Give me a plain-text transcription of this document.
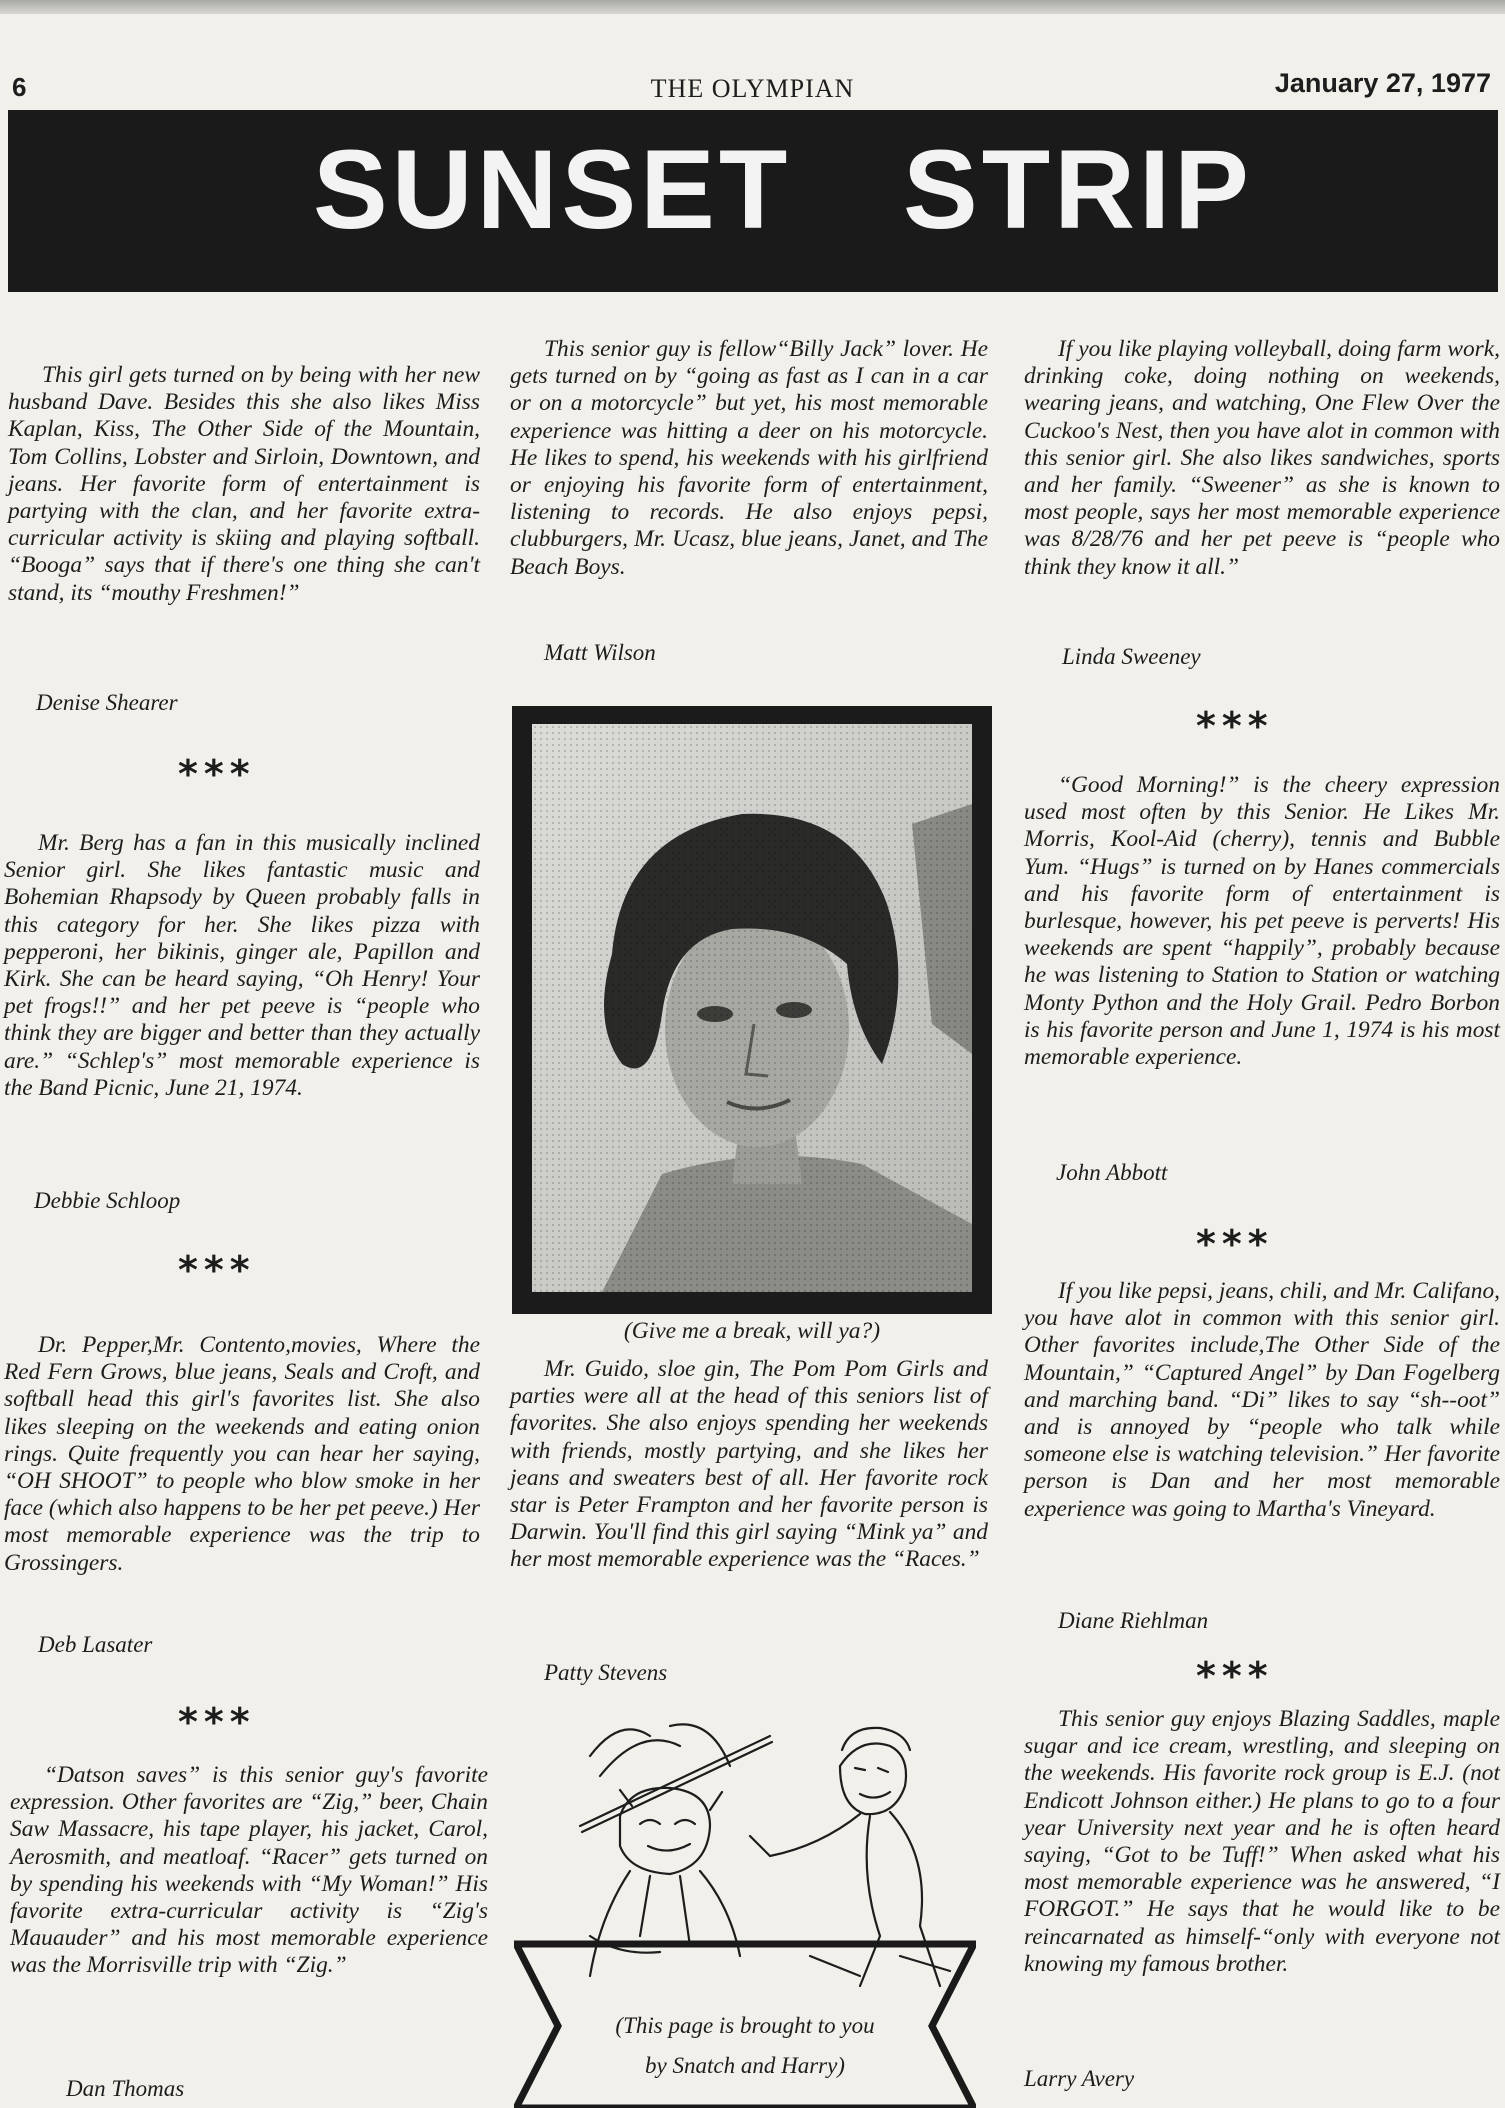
6	THE OLYMPIAN	January 27, 1977
SUNSET STRIP

This girl gets turned on by being with her new husband Dave. Besides this she also likes Miss Kaplan, Kiss, The Other Side of the Mountain, Tom Collins, Lobster and Sirloin, Downtown, and jeans. Her favorite form of entertainment is partying with the clan, and her favorite extra-curricular activity is skiing and playing softball. “Booga” says that if there's one thing she can't stand, its “mouthy Freshmen!”

Denise Shearer
***

Mr. Berg has a fan in this musically inclined Senior girl. She likes fantastic music and Bohemian Rhapsody by Queen probably falls in this category for her. She likes pizza with pepperoni, her bikinis, ginger ale, Papillon and Kirk. She can be heard saying, “Oh Henry! Your pet frogs!!” and her pet peeve is “people who think they are bigger and better than they actually are.” “Schlep's” most memorable experience is the Band Picnic, June 21, 1974.

Debbie Schloop
***

Dr. Pepper,Mr. Contento,movies, Where the Red Fern Grows, blue jeans, Seals and Croft, and softball head this girl's favorites list. She also likes sleeping on the weekends and eating onion rings. Quite frequently you can hear her saying, “OH SHOOT” to people who blow smoke in her face (which also happens to be her pet peeve.) Her most memorable experience was the trip to Grossingers.

Deb Lasater
***

“Datson saves” is this senior guy's favorite expression. Other favorites are “Zig,” beer, Chain Saw Massacre, his tape player, his jacket, Carol, Aerosmith, and meatloaf. “Racer” gets turned on by spending his weekends with “My Woman!” His favorite extra-curricular activity is “Zig's Mauauder” and his most memorable experience was the Morrisville trip with “Zig.”

Dan Thomas

This senior guy is fellow“Billy Jack” lover. He gets turned on by “going as fast as I can in a car or on a motorcycle” but yet, his most memorable experience was hitting a deer on his motorcycle. He likes to spend, his weekends with his girlfriend or enjoying his favorite form of entertainment, listening to records. He also enjoys pepsi, clubburgers, Mr. Ucasz, blue jeans, Janet, and The Beach Boys.

Matt Wilson
(Give me a break, will ya?)

Mr. Guido, sloe gin, The Pom Pom Girls and parties were all at the head of this seniors list of favorites. She also enjoys spending her weekends with friends, mostly partying, and she likes her jeans and sweaters best of all. Her favorite rock star is Peter Frampton and her favorite person is Darwin. You'll find this girl saying “Mink ya” and her most memorable experience was the “Races.”

Patty Stevens
(This page is brought to you
by Snatch and Harry)

If you like playing volleyball, doing farm work, drinking coke, doing nothing on weekends, wearing jeans, and watching, One Flew Over the Cuckoo's Nest, then you have alot in common with this senior girl. She also likes sandwiches, sports and her family. “Sweener” as she is known to most people, says her most memorable experience was 8/28/76 and her pet peeve is “people who think they know it all.”

Linda Sweeney
***

“Good Morning!” is the cheery expression used most often by this Senior. He Likes Mr. Morris, Kool-Aid (cherry), tennis and Bubble Yum. “Hugs” is turned on by Hanes commercials and his favorite form of entertainment is burlesque, however, his pet peeve is perverts! His weekends are spent “happily”, probably because he was listening to Station to Station or watching Monty Python and the Holy Grail. Pedro Borbon is his favorite person and June 1, 1974 is his most memorable experience.

John Abbott
***

If you like pepsi, jeans, chili, and Mr. Califano, you have alot in common with this senior girl. Other favorites include,The Other Side of the Mountain,” “Captured Angel” by Dan Fogelberg and marching band. “Di” likes to say “sh--oot” and is annoyed by “people who talk while someone else is watching television.” Her favorite person is Dan and her most memorable experience was going to Martha's Vineyard.

Diane Riehlman
***

This senior guy enjoys Blazing Saddles, maple sugar and ice cream, wrestling, and sleeping on the weekends. His favorite rock group is E.J. (not Endicott Johnson either.) He plans to go to a four year University next year and he is often heard saying, “Got to be Tuff!” When asked what his most memorable experience was he answered, “I FORGOT.” He says that he would like to be reincarnated as himself-“only with everyone not knowing my famous brother.

Larry Avery
